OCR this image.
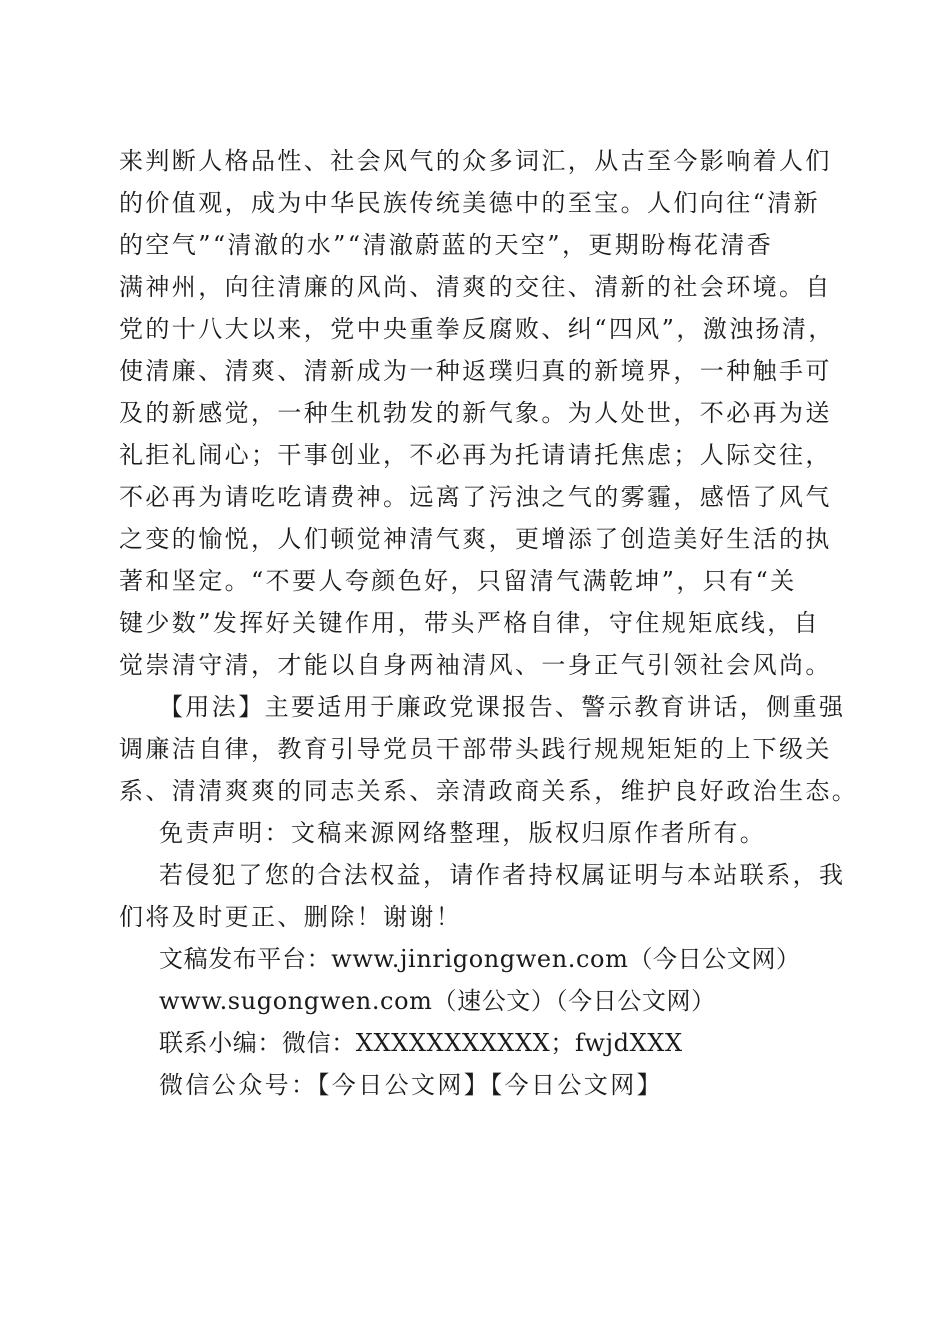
来判断人格品性、社会风气的众多词汇，从古至今影响着人们
的价值观，成为中华民族传统美德中的至宝。人们向往“清新
的空气”“清澈的水”“清澈蔚蓝的天空”，更期盼梅花清香
满神州，向往清廉的风尚、清爽的交往、清新的社会环境。自
党的十八大以来，党中央重拳反腐败、纠“四风”，激浊扬清，
使清廉、清爽、清新成为一种返璞归真的新境界，一种触手可
及的新感觉，一种生机勃发的新气象。为人处世，不必再为送
礼拒礼闹心；干事创业，不必再为托请请托焦虑；人际交往，
不必再为请吃吃请费神。远离了污浊之气的雾霾，感悟了风气
之变的愉悦，人们顿觉神清气爽，更增添了创造美好生活的执
著和坚定。“不要人夸颜色好，只留清气满乾坤”，只有“关
键少数”发挥好关键作用，带头严格自律，守住规矩底线，自
觉崇清守清，才能以自身两袖清风、一身正气引领社会风尚。
【用法】主要适用于廉政党课报告、警示教育讲话，侧重强
调廉洁自律，教育引导党员干部带头践行规规矩矩的上下级关
系、清清爽爽的同志关系、亲清政商关系，维护良好政治生态。
免责声明：文稿来源网络整理，版权归原作者所有。
若侵犯了您的合法权益，请作者持权属证明与本站联系，我
们将及时更正、删除！谢谢！
文稿发布平台：www.jinrigongwen.com（今日公文网）
www.sugongwen.com（速公文）（今日公文网）
联系小编：微信：XXXXXXXXXXX；fwjdXXX
微信公众号：【今日公文网】【今日公文网】
